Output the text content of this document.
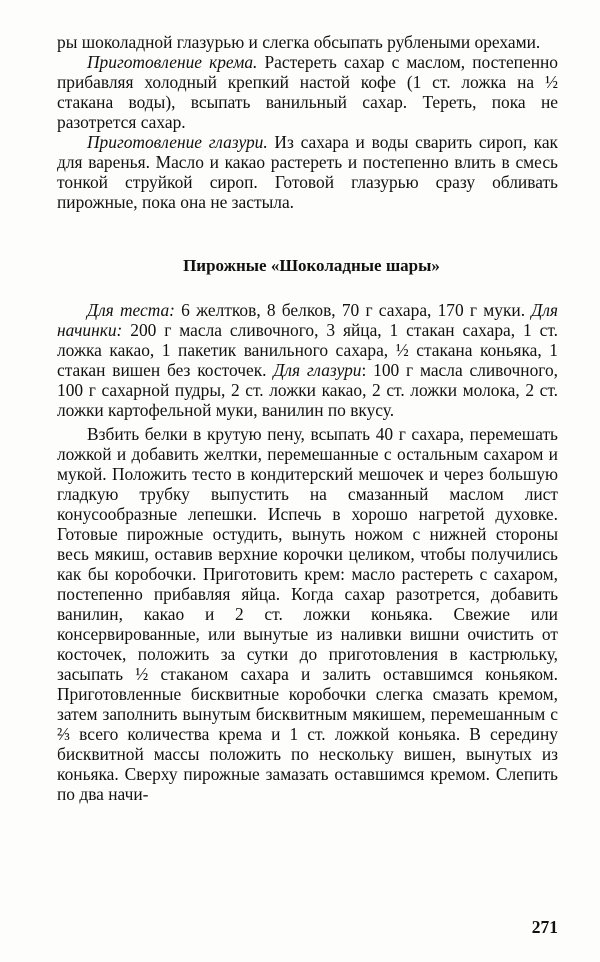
ры шоколадной глазурью и слегка обсыпать рублеными орехами.

Приготовление крема. Растереть сахар с маслом, постепенно прибавляя холодный крепкий настой кофе (1 ст. ложка на ½ стакана воды), всыпать ванильный сахар. Тереть, пока не разотрется сахар.

Приготовление глазури. Из сахара и воды сварить сироп, как для варенья. Масло и какао растереть и постепенно влить в смесь тонкой струйкой сироп. Готовой глазурью сразу обливать пирожные, пока она не застыла.

Пирожные «Шоколадные шары»

Для теста: 6 желтков, 8 белков, 70 г сахара, 170 г муки. Для начинки: 200 г масла сливочного, 3 яйца, 1 стакан сахара, 1 ст. ложка какао, 1 пакетик ванильного сахара, ½ стакана коньяка, 1 стакан вишен без косточек. Для глазури: 100 г масла сливочного, 100 г сахарной пудры, 2 ст. ложки какао, 2 ст. ложки молока, 2 ст. ложки картофельной муки, ванилин по вкусу.

Взбить белки в крутую пену, всыпать 40 г сахара, перемешать ложкой и добавить желтки, перемешанные с остальным сахаром и мукой. Положить тесто в кондитерский мешочек и через большую гладкую трубку выпустить на смазанный маслом лист конусообразные лепешки. Испечь в хорошо нагретой духовке. Готовые пирожные остудить, вынуть ножом с нижней стороны весь мякиш, оставив верхние корочки целиком, чтобы получились как бы коробочки. Приготовить крем: масло растереть с сахаром, постепенно прибавляя яйца. Когда сахар разотрется, добавить ванилин, какао и 2 ст. ложки коньяка. Свежие или консервированные, или вынутые из наливки вишни очистить от косточек, положить за сутки до приготовления в кастрюльку, засыпать ½ стаканом сахара и залить оставшимся коньяком. Приготовленные бисквитные коробочки слегка смазать кремом, затем заполнить вынутым бисквитным мякишем, перемешанным с ⅔ всего количества крема и 1 ст. ложкой коньяка. В середину бисквитной массы положить по нескольку вишен, вынутых из коньяка. Сверху пирожные замазать оставшимся кремом. Слепить по два начи-

271
